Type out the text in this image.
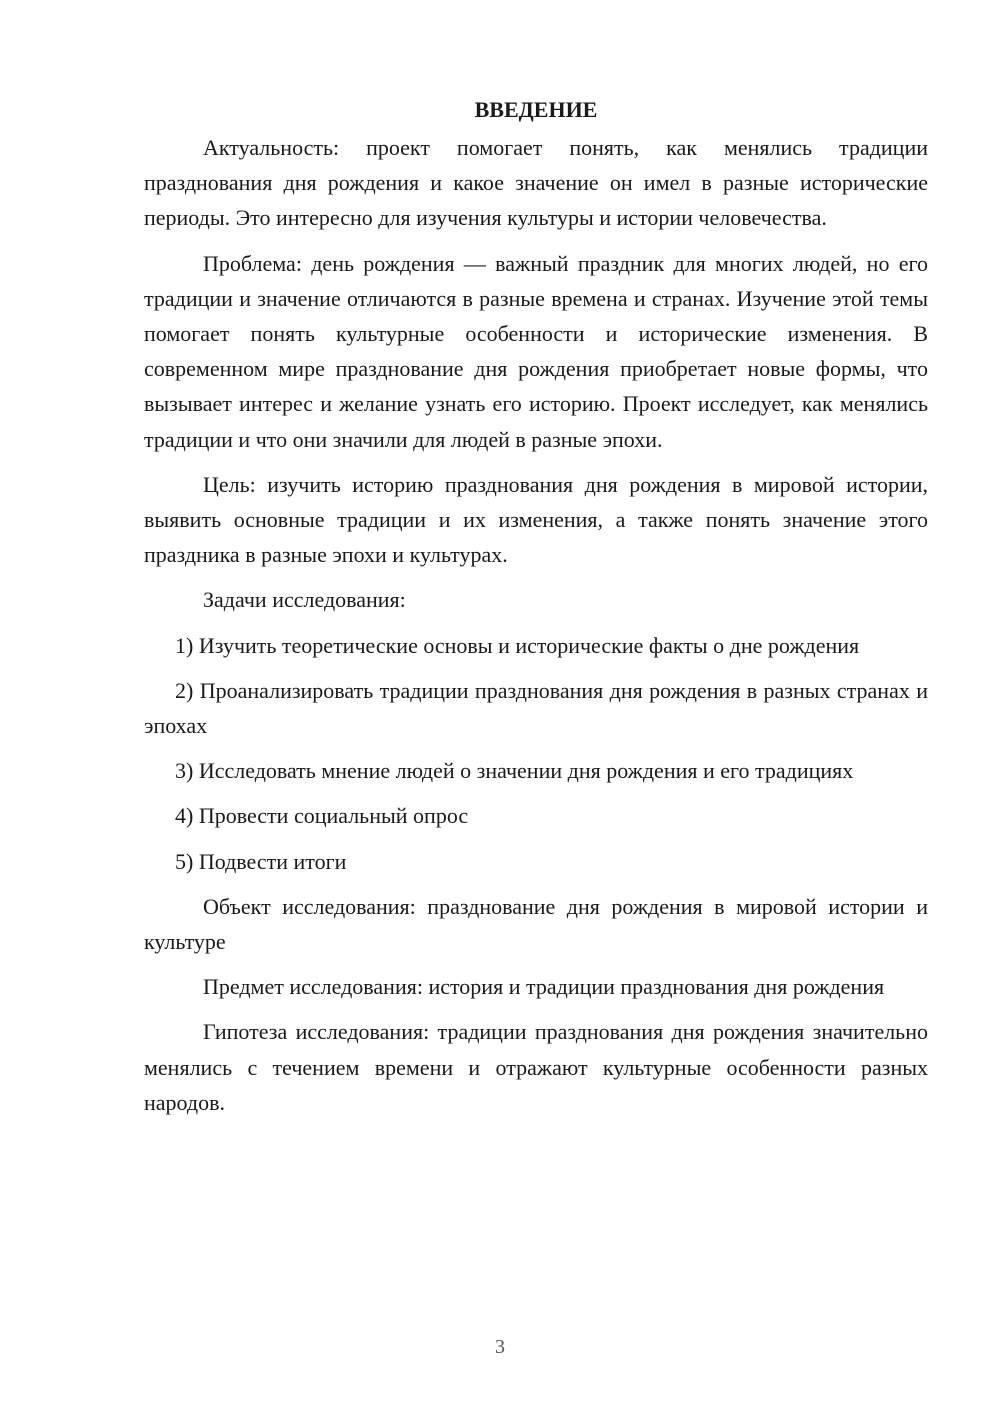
ВВЕДЕНИЕ

Актуальность: проект помогает понять, как менялись традиции празднования дня рождения и какое значение он имел в разные исторические периоды. Это интересно для изучения культуры и истории человечества.

Проблема: день рождения — важный праздник для многих людей, но его традиции и значение отличаются в разные времена и странах. Изучение этой темы помогает понять культурные особенности и исторические изменения. В современном мире празднование дня рождения приобретает новые формы, что вызывает интерес и желание узнать его историю. Проект исследует, как менялись традиции и что они значили для людей в разные эпохи.

Цель: изучить историю празднования дня рождения в мировой истории, выявить основные традиции и их изменения, а также понять значение этого праздника в разные эпохи и культурах.

Задачи исследования:

1) Изучить теоретические основы и исторические факты о дне рождения

2) Проанализировать традиции празднования дня рождения в разных странах и эпохах

3) Исследовать мнение людей о значении дня рождения и его традициях

4) Провести социальный опрос

5) Подвести итоги

Объект исследования: празднование дня рождения в мировой истории и культуре

Предмет исследования: история и традиции празднования дня рождения

Гипотеза исследования: традиции празднования дня рождения значительно менялись с течением времени и отражают культурные особенности разных народов.

3
